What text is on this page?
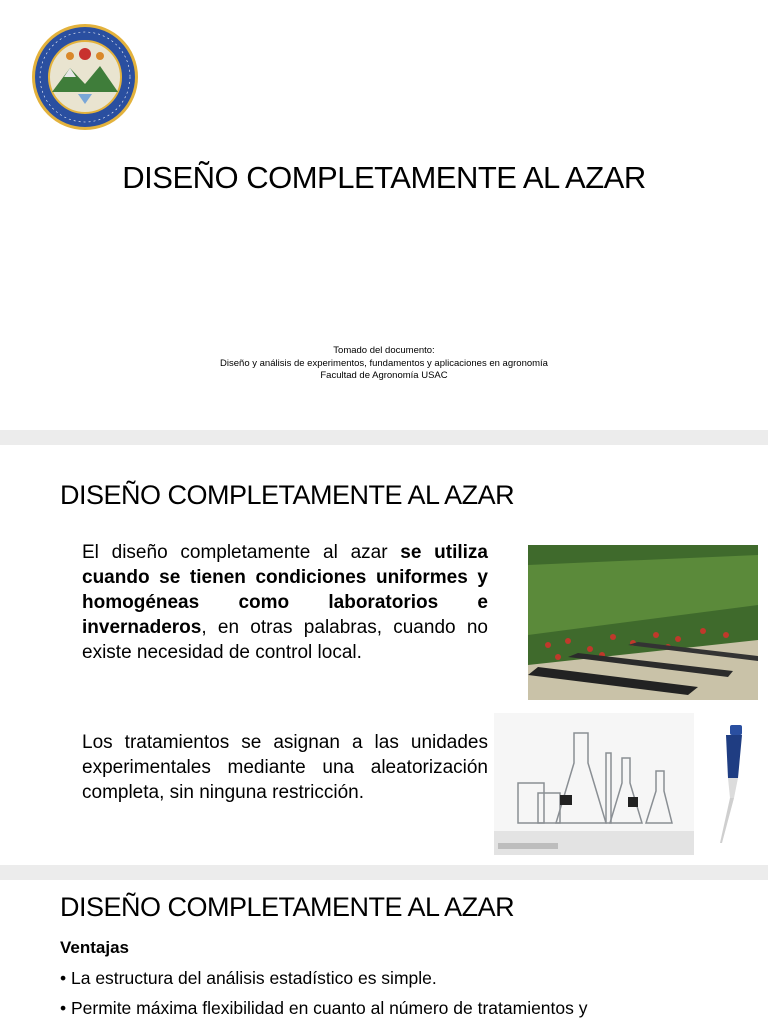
DISEÑO COMPLETAMENTE AL AZAR
Tomado del documento:
Diseño y análisis de experimentos, fundamentos y aplicaciones en agronomía
Facultad de Agronomía USAC
DISEÑO COMPLETAMENTE AL AZAR
El diseño completamente al azar se utiliza cuando se tienen condiciones uniformes y homogéneas como laboratorios e invernaderos, en otras palabras, cuando no existe necesidad de control local.
Los tratamientos se asignan a las unidades experimentales mediante una aleatorización completa, sin ninguna restricción.
DISEÑO COMPLETAMENTE AL AZAR
Ventajas
• La estructura del análisis estadístico es simple.
• Permite máxima flexibilidad en cuanto al número de tratamientos y
